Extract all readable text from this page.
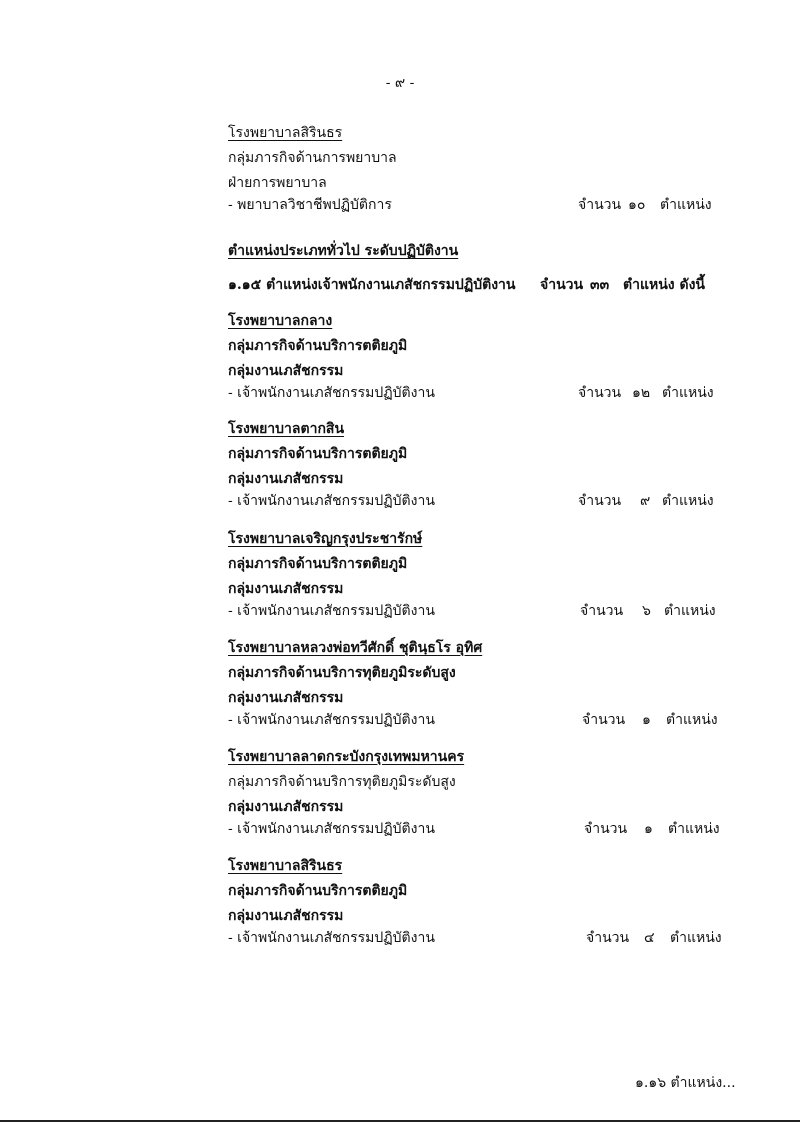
- ๙ -
โรงพยาบาลสิรินธร
กลุ่มภารกิจด้านการพยาบาล
ฝ่ายการพยาบาล
- พยาบาลวิชาชีพปฏิบัติการ	จำนวน ๑๐ ตำแหน่ง
ตำแหน่งประเภททั่วไป ระดับปฏิบัติงาน
๑.๑๕ ตำแหน่งเจ้าพนักงานเภสัชกรรมปฏิบัติงาน จำนวน ๓๓ ตำแหน่ง ดังนี้
โรงพยาบาลกลาง
กลุ่มภารกิจด้านบริการตติยภูมิ
กลุ่มงานเภสัชกรรม
- เจ้าพนักงานเภสัชกรรมปฏิบัติงาน	จำนวน ๑๒ ตำแหน่ง
โรงพยาบาลตากสิน
กลุ่มภารกิจด้านบริการตติยภูมิ
กลุ่มงานเภสัชกรรม
- เจ้าพนักงานเภสัชกรรมปฏิบัติงาน	จำนวน ๙ ตำแหน่ง
โรงพยาบาลเจริญกรุงประชารักษ์
กลุ่มภารกิจด้านบริการตติยภูมิ
กลุ่มงานเภสัชกรรม
- เจ้าพนักงานเภสัชกรรมปฏิบัติงาน	จำนวน ๖ ตำแหน่ง
โรงพยาบาลหลวงพ่อทวีศักดิ์ ชุตินฺธโร อุทิศ
กลุ่มภารกิจด้านบริการทุติยภูมิระดับสูง
กลุ่มงานเภสัชกรรม
- เจ้าพนักงานเภสัชกรรมปฏิบัติงาน	จำนวน ๑ ตำแหน่ง
โรงพยาบาลลาดกระบังกรุงเทพมหานคร
กลุ่มภารกิจด้านบริการทุติยภูมิระดับสูง
กลุ่มงานเภสัชกรรม
- เจ้าพนักงานเภสัชกรรมปฏิบัติงาน	จำนวน ๑ ตำแหน่ง
โรงพยาบาลสิรินธร
กลุ่มภารกิจด้านบริการตติยภูมิ
กลุ่มงานเภสัชกรรม
- เจ้าพนักงานเภสัชกรรมปฏิบัติงาน	จำนวน ๔ ตำแหน่ง
๑.๑๖ ตำแหน่ง...
